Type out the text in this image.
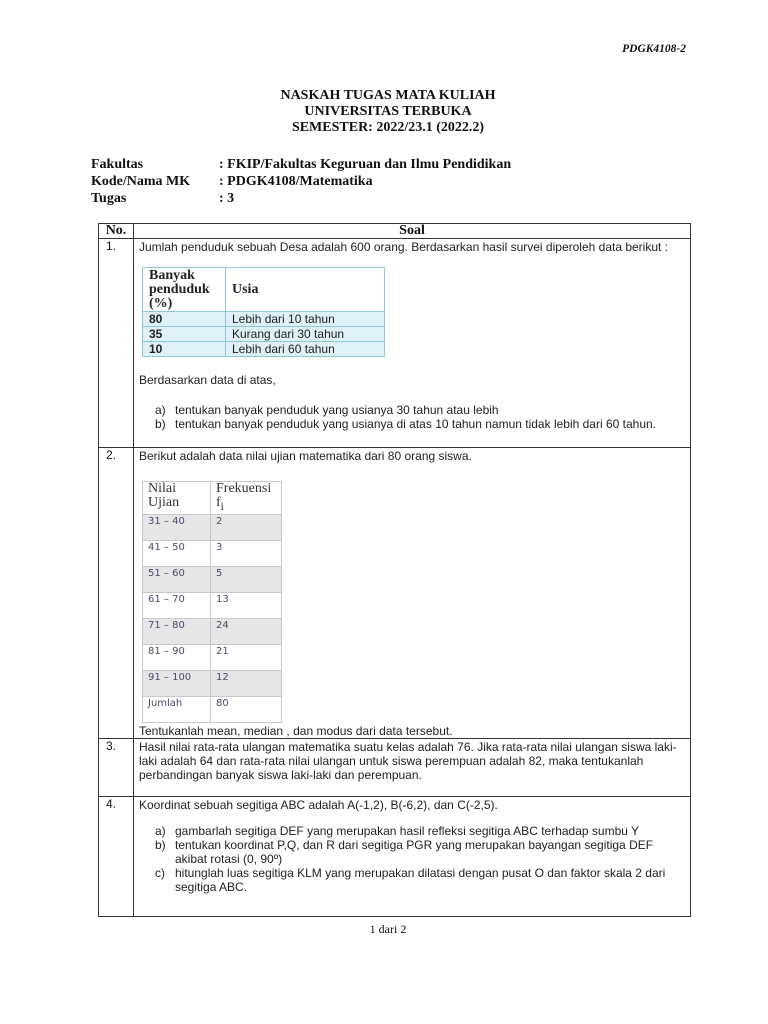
PDGK4108-2
NASKAH TUGAS MATA KULIAH
UNIVERSITAS TERBUKA
SEMESTER: 2022/23.1 (2022.2)
Fakultas	: FKIP/Fakultas Keguruan dan Ilmu Pendidikan
Kode/Nama MK	: PDGK4108/Matematika
Tugas	: 3
No.	Soal
1.	Jumlah penduduk sebuah Desa adalah 600 orang. Berdasarkan hasil survei diperoleh data berikut :

Banyak penduduk (%)	Usia
80	Lebih dari 10 tahun
35	Kurang dari 30 tahun
10	Lebih dari 60 tahun

Berdasarkan data di atas,

a) tentukan banyak penduduk yang usianya 30 tahun atau lebih
b) tentukan banyak penduduk yang usianya di atas 10 tahun namun tidak lebih dari 60 tahun.

2.	Berikut adalah data nilai ujian matematika dari 80 orang siswa.

Nilai Ujian	Frekuensi $f_i$
31 – 40	2
41 – 50	3
51 – 60	5
61 – 70	13
71 – 80	24
81 – 90	21
91 – 100	12
Jumlah	80

Tentukanlah mean, median , dan modus dari data tersebut.

3.	Hasil nilai rata-rata ulangan matematika suatu kelas adalah 76. Jika rata-rata nilai ulangan siswa laki-laki adalah 64 dan rata-rata nilai ulangan untuk siswa perempuan adalah 82, maka tentukanlah perbandingan banyak siswa laki-laki dan perempuan.

4.	Koordinat sebuah segitiga ABC adalah A(-1,2), B(-6,2), dan C(-2,5).

a) gambarlah segitiga DEF yang merupakan hasil refleksi segitiga ABC terhadap sumbu Y
b) tentukan koordinat P,Q, dan R dari segitiga PGR yang merupakan bayangan segitiga DEF akibat rotasi (0, 90º)
c) hitunglah luas segitiga KLM yang merupakan dilatasi dengan pusat O dan faktor skala 2 dari segitiga ABC.
1 dari 2
